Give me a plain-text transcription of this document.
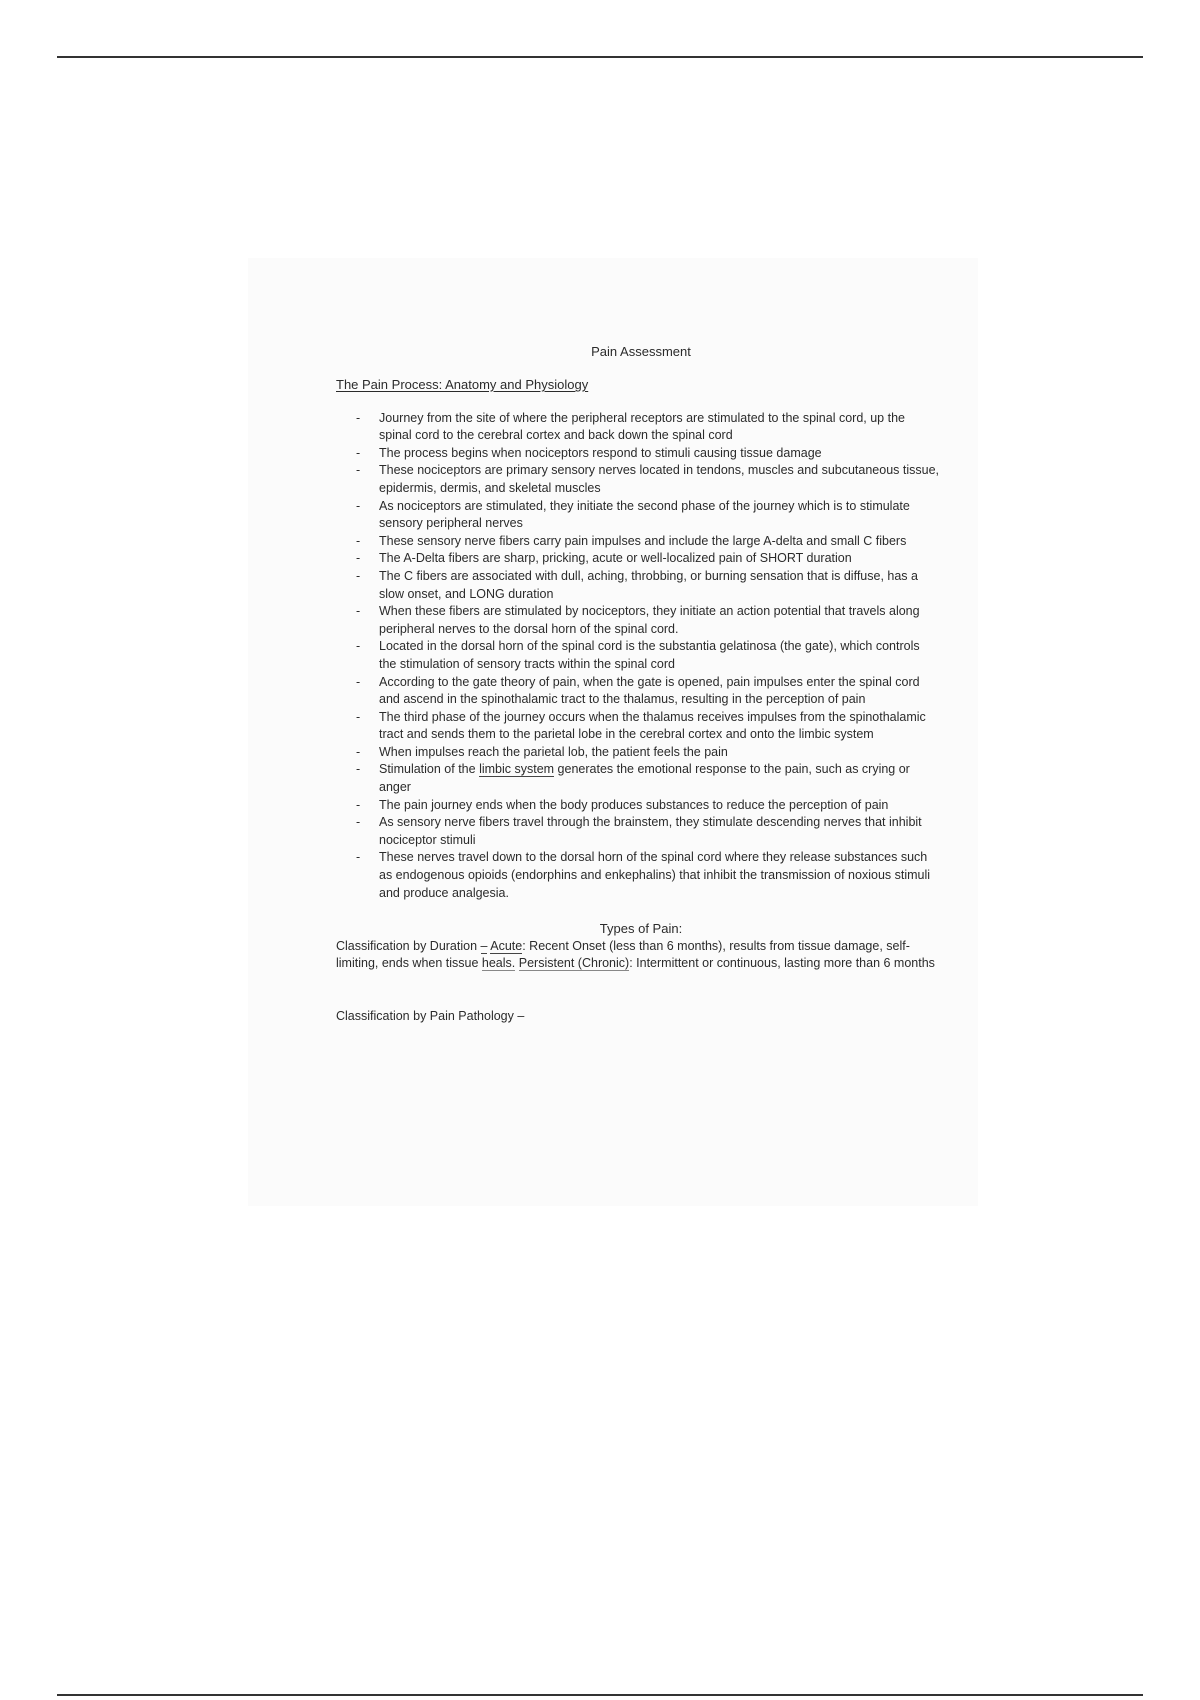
Pain Assessment
The Pain Process: Anatomy and Physiology
- Journey from the site of where the peripheral receptors are stimulated to the spinal cord, up the spinal cord to the cerebral cortex and back down the spinal cord
- The process begins when nociceptors respond to stimuli causing tissue damage
- These nociceptors are primary sensory nerves located in tendons, muscles and subcutaneous tissue, epidermis, dermis, and skeletal muscles
- As nociceptors are stimulated, they initiate the second phase of the journey which is to stimulate sensory peripheral nerves
- These sensory nerve fibers carry pain impulses and include the large A-delta and small C fibers
- The A-Delta fibers are sharp, pricking, acute or well-localized pain of SHORT duration
- The C fibers are associated with dull, aching, throbbing, or burning sensation that is diffuse, has a slow onset, and LONG duration
- When these fibers are stimulated by nociceptors, they initiate an action potential that travels along peripheral nerves to the dorsal horn of the spinal cord.
- Located in the dorsal horn of the spinal cord is the substantia gelatinosa (the gate), which controls the stimulation of sensory tracts within the spinal cord
- According to the gate theory of pain, when the gate is opened, pain impulses enter the spinal cord and ascend in the spinothalamic tract to the thalamus, resulting in the perception of pain
- The third phase of the journey occurs when the thalamus receives impulses from the spinothalamic tract and sends them to the parietal lobe in the cerebral cortex and onto the limbic system
- When impulses reach the parietal lob, the patient feels the pain
- Stimulation of the limbic system generates the emotional response to the pain, such as crying or anger
- The pain journey ends when the body produces substances to reduce the perception of pain
- As sensory nerve fibers travel through the brainstem, they stimulate descending nerves that inhibit nociceptor stimuli
- These nerves travel down to the dorsal horn of the spinal cord where they release substances such as endogenous opioids (endorphins and enkephalins) that inhibit the transmission of noxious stimuli and produce analgesia.
Types of Pain:

Classification by Duration – Acute: Recent Onset (less than 6 months), results from tissue damage, self-limiting, ends when tissue heals. Persistent (Chronic): Intermittent or continuous, lasting more than 6 months

Classification by Pain Pathology –
